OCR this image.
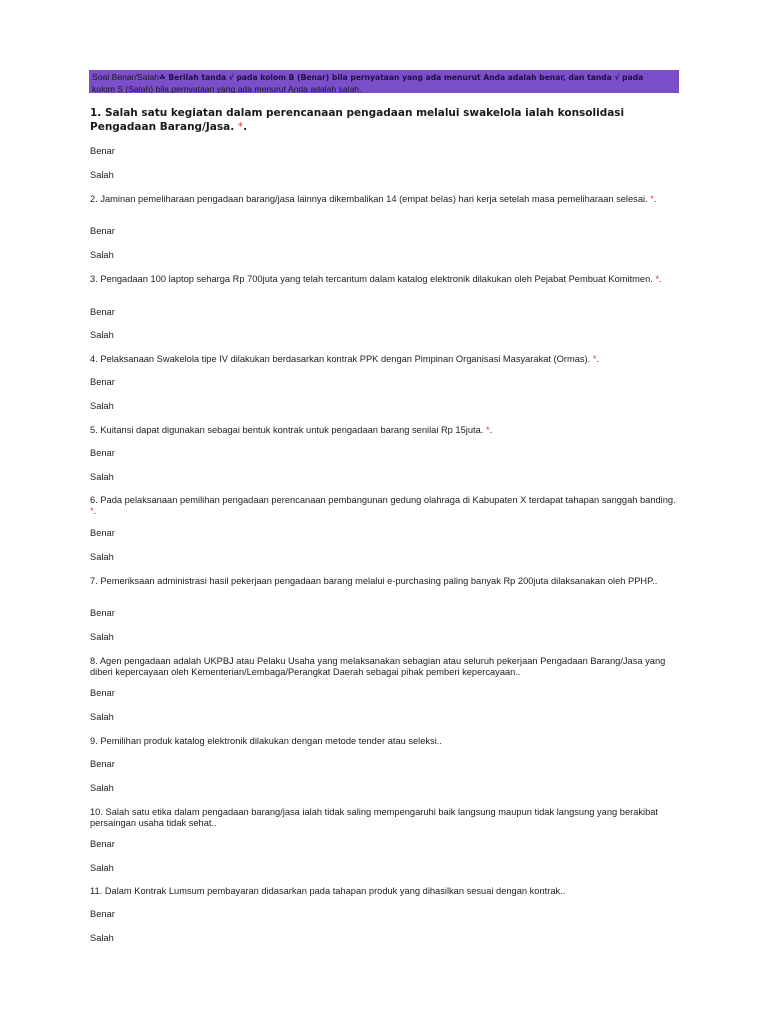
Soal Benar/Salah☘ Berilah tanda √ pada kolom B (Benar) bila pernyataan yang ada menurut Anda adalah benar, dan tanda √ pada
kolom S (Salah) bila pernyataan yang ada menurut Anda adalah salah.
1. Salah satu kegiatan dalam perencanaan pengadaan melalui swakelola ialah konsolidasi Pengadaan Barang/Jasa. *.
Benar
Salah
2. Jaminan pemeliharaan pengadaan barang/jasa lainnya dikembalikan 14 (empat belas) hari kerja setelah masa pemeliharaan selesai. *.
Benar
Salah
3. Pengadaan 100 laptop seharga Rp 700juta yang telah tercantum dalam katalog elektronik dilakukan oleh Pejabat Pembuat Komitmen. *.
Benar
Salah
4. Pelaksanaan Swakelola tipe IV dilakukan berdasarkan kontrak PPK dengan Pimpinan Organisasi Masyarakat (Ormas). *.
Benar
Salah
5. Kuitansi dapat digunakan sebagai bentuk kontrak untuk pengadaan barang senilai Rp 15juta. *.
Benar
Salah
6. Pada pelaksanaan pemilihan pengadaan perencanaan pembangunan gedung olahraga di Kabupaten X terdapat tahapan sanggah banding. *.
Benar
Salah
7. Pemeriksaan administrasi hasil pekerjaan pengadaan barang melalui e-purchasing paling banyak Rp 200juta dilaksanakan oleh PPHP..
Benar
Salah
8. Agen pengadaan adalah UKPBJ atau Pelaku Usaha yang melaksanakan sebagian atau seluruh pekerjaan Pengadaan Barang/Jasa yang diberi kepercayaan oleh Kementerian/Lembaga/Perangkat Daerah sebagai pihak pemberi kepercayaan..
Benar
Salah
9. Pemilihan produk katalog elektronik dilakukan dengan metode tender atau seleksi..
Benar
Salah
10. Salah satu etika dalam pengadaan barang/jasa ialah tidak saling mempengaruhi baik langsung maupun tidak langsung yang berakibat persaingan usaha tidak sehat..
Benar
Salah
11. Dalam Kontrak Lumsum pembayaran didasarkan pada tahapan produk yang dihasilkan sesuai dengan kontrak..
Benar
Salah
